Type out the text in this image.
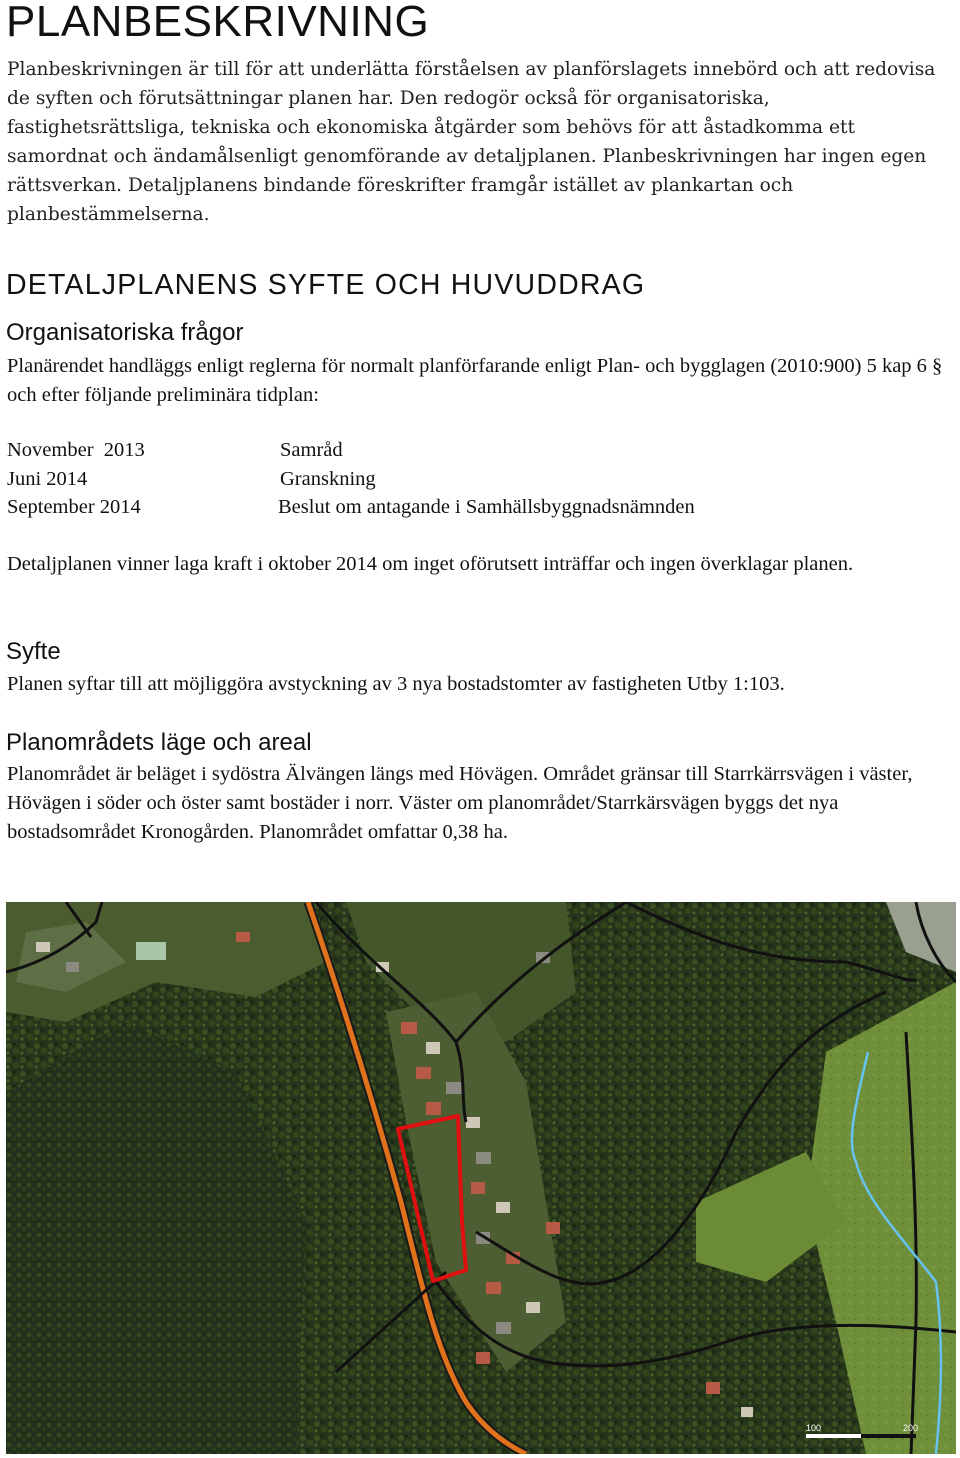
PLANBESKRIVNING

Planbeskrivningen är till för att underlätta förståelsen av planförslagets innebörd och att redovisa de syften och förutsättningar planen har. Den redogör också för organisatoriska, fastighetsrättsliga, tekniska och ekonomiska åtgärder som behövs för att åstadkomma ett samordnat och ändamålsenligt genomförande av detaljplanen. Planbeskrivningen har ingen egen rättsverkan. Detaljplanens bindande föreskrifter framgår istället av plankartan och planbestämmelserna.

DETALJPLANENS SYFTE OCH HUVUDDRAG
Organisatoriska frågor

Planärendet handläggs enligt reglerna för normalt planförfarande enligt Plan- och bygglagen (2010:900) 5 kap 6 § och efter följande preliminära tidplan:

November  2013	Samråd
Juni 2014	Granskning
September 2014	Beslut om antagande i Samhällsbyggnadsnämnden

Detaljplanen vinner laga kraft i oktober 2014 om inget oförutsett inträffar och ingen överklagar planen.

Syfte

Planen syftar till att möjliggöra avstyckning av 3 nya bostadstomter av fastigheten Utby 1:103.

Planområdets läge och areal

Planområdet är beläget i sydöstra Älvängen längs med Hövägen. Området gränsar till Starrkärrsvägen i väster, Hövägen i söder och öster samt bostäder i norr. Väster om planområdet/Starrkärsvägen byggs det nya bostadsområdet Kronogården. Planområdet omfattar 0,38 ha.

100	200
